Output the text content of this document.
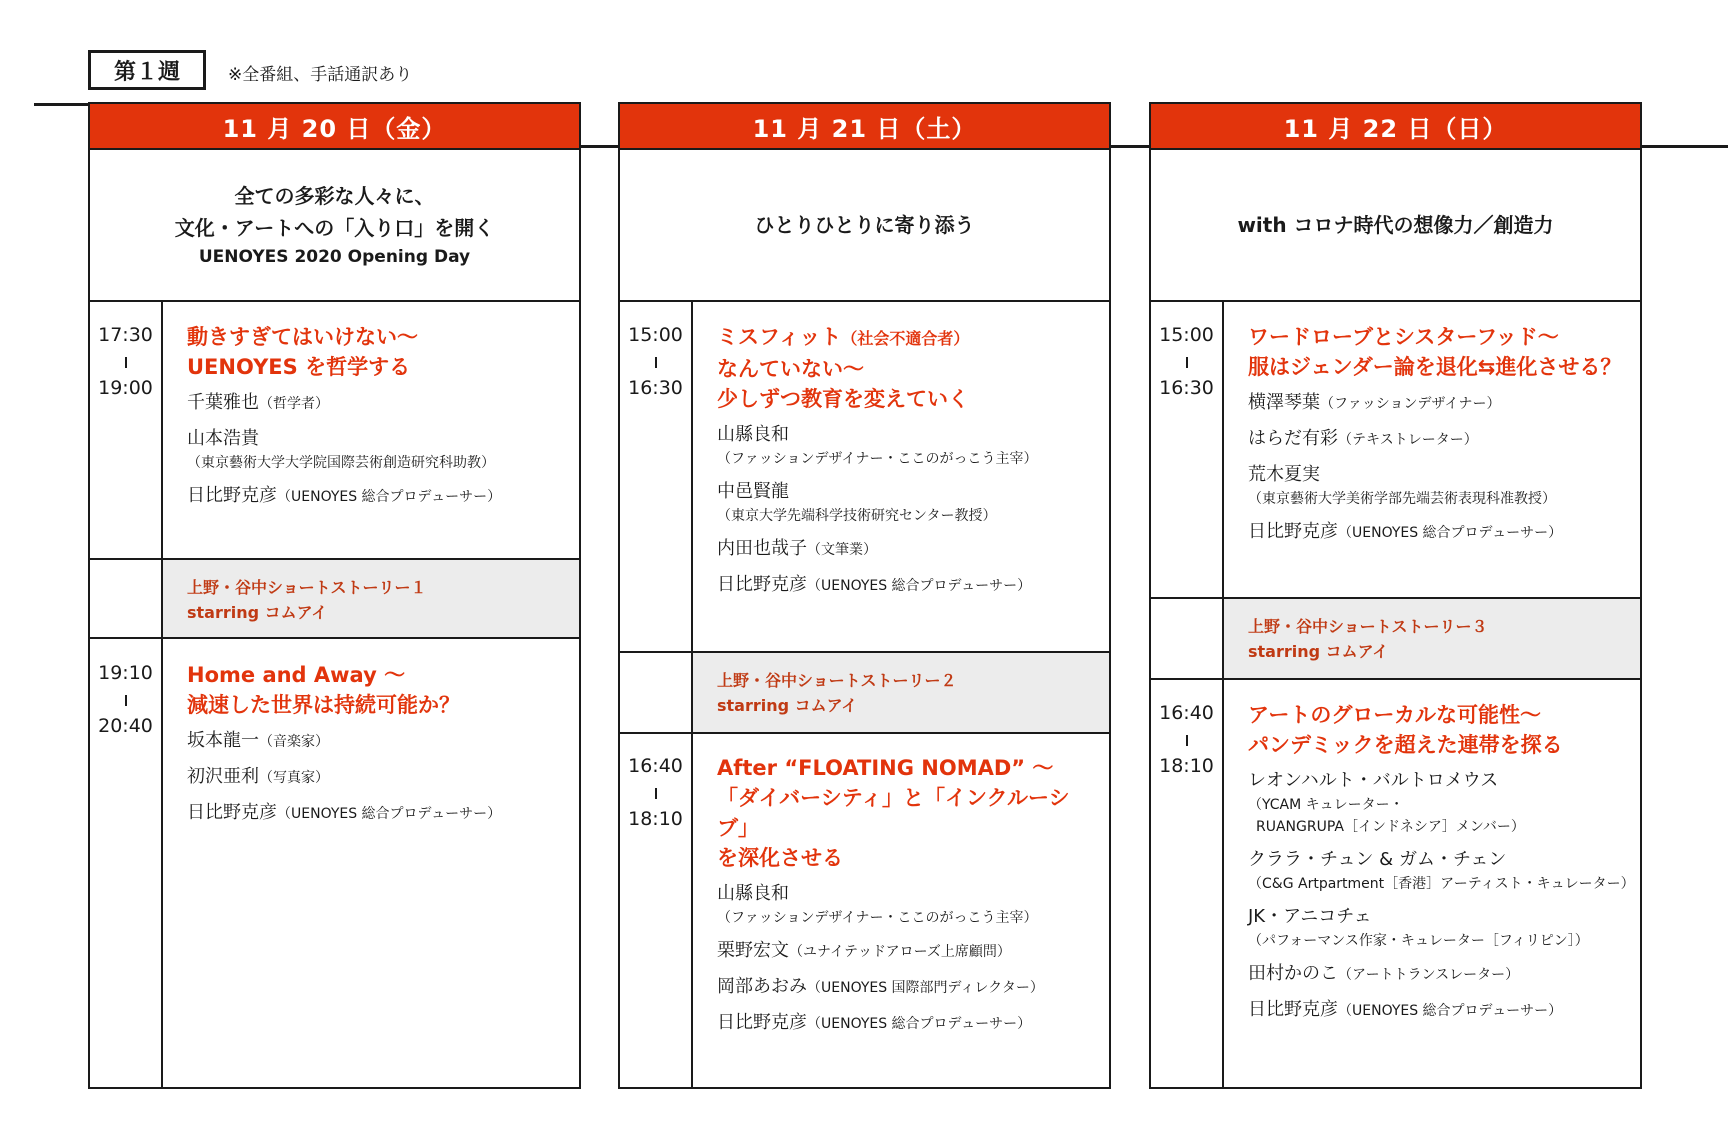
第１週	※全番組、手話通訳あり
11 月 20 日（金）
全ての多彩な人々に、
文化・アートへの「入り口」を開く
UENOYES 2020 Opening Day
17:30
19:00
動きすぎてはいけない〜
UENOYES を哲学する
千葉雅也（哲学者）
山本浩貴
（東京藝術大学大学院国際芸術創造研究科助教）
日比野克彦（UENOYES 総合プロデューサー）
上野・谷中ショートストーリー１
starring コムアイ
19:10
20:40
Home and Away 〜
減速した世界は持続可能か？
坂本龍一（音楽家）
初沢亜利（写真家）
日比野克彦（UENOYES 総合プロデューサー）
11 月 21 日（土）
ひとりひとりに寄り添う
15:00
16:30
ミスフィット（社会不適合者）
なんていない〜
少しずつ教育を変えていく
山縣良和
（ファッションデザイナー・ここのがっこう主宰）
中邑賢龍
（東京大学先端科学技術研究センター教授）
内田也哉子（文筆業）
日比野克彦（UENOYES 総合プロデューサー）
上野・谷中ショートストーリー２
starring コムアイ
16:40
18:10
After “FLOATING NOMAD” 〜
「ダイバーシティ」と「インクルーシブ」
を深化させる
山縣良和
（ファッションデザイナー・ここのがっこう主宰）
栗野宏文（ユナイテッドアローズ上席顧問）
岡部あおみ（UENOYES 国際部門ディレクター）
日比野克彦（UENOYES 総合プロデューサー）
11 月 22 日（日）
with コロナ時代の想像力／創造力
15:00
16:30
ワードローブとシスターフッド〜
服はジェンダー論を退化⇆進化させる？
横澤琴葉（ファッションデザイナー）
はらだ有彩（テキストレーター）
荒木夏実
（東京藝術大学美術学部先端芸術表現科准教授）
日比野克彦（UENOYES 総合プロデューサー）
上野・谷中ショートストーリー３
starring コムアイ
16:40
18:10
アートのグローカルな可能性〜
パンデミックを超えた連帯を探る
レオンハルト・バルトロメウス
（YCAM キュレーター・
RUANGRUPA［インドネシア］メンバー）
クララ・チュン & ガム・チェン
（C&G Artpartment［香港］アーティスト・キュレーター）
JK・アニコチェ
（パフォーマンス作家・キュレーター［フィリピン］）
田村かのこ（アートトランスレーター）
日比野克彦（UENOYES 総合プロデューサー）
